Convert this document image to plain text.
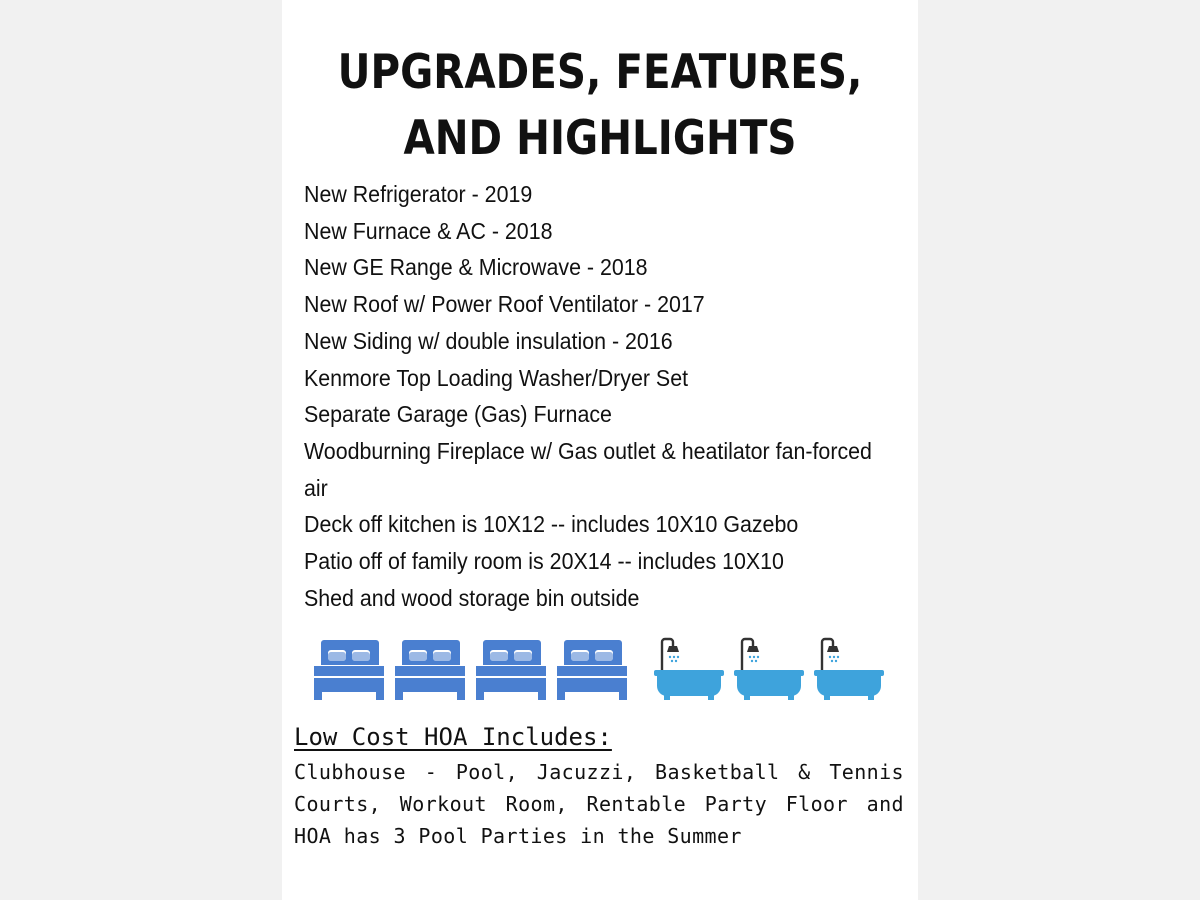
UPGRADES, FEATURES,
AND HIGHLIGHTS
New Refrigerator - 2019
New Furnace & AC - 2018
New GE Range & Microwave - 2018
New Roof w/ Power Roof Ventilator - 2017
New Siding w/ double insulation - 2016
Kenmore Top Loading Washer/Dryer Set
Separate Garage (Gas) Furnace
Woodburning Fireplace w/ Gas outlet & heatilator fan-forced air
Deck off kitchen is 10X12 -- includes 10X10 Gazebo
Patio off of family room is 20X14 -- includes 10X10
Shed and wood storage bin outside
Low Cost HOA Includes:
Clubhouse - Pool, Jacuzzi, Basketball & Tennis Courts, Workout Room, Rentable Party Floor and HOA has 3 Pool Parties in the Summer
